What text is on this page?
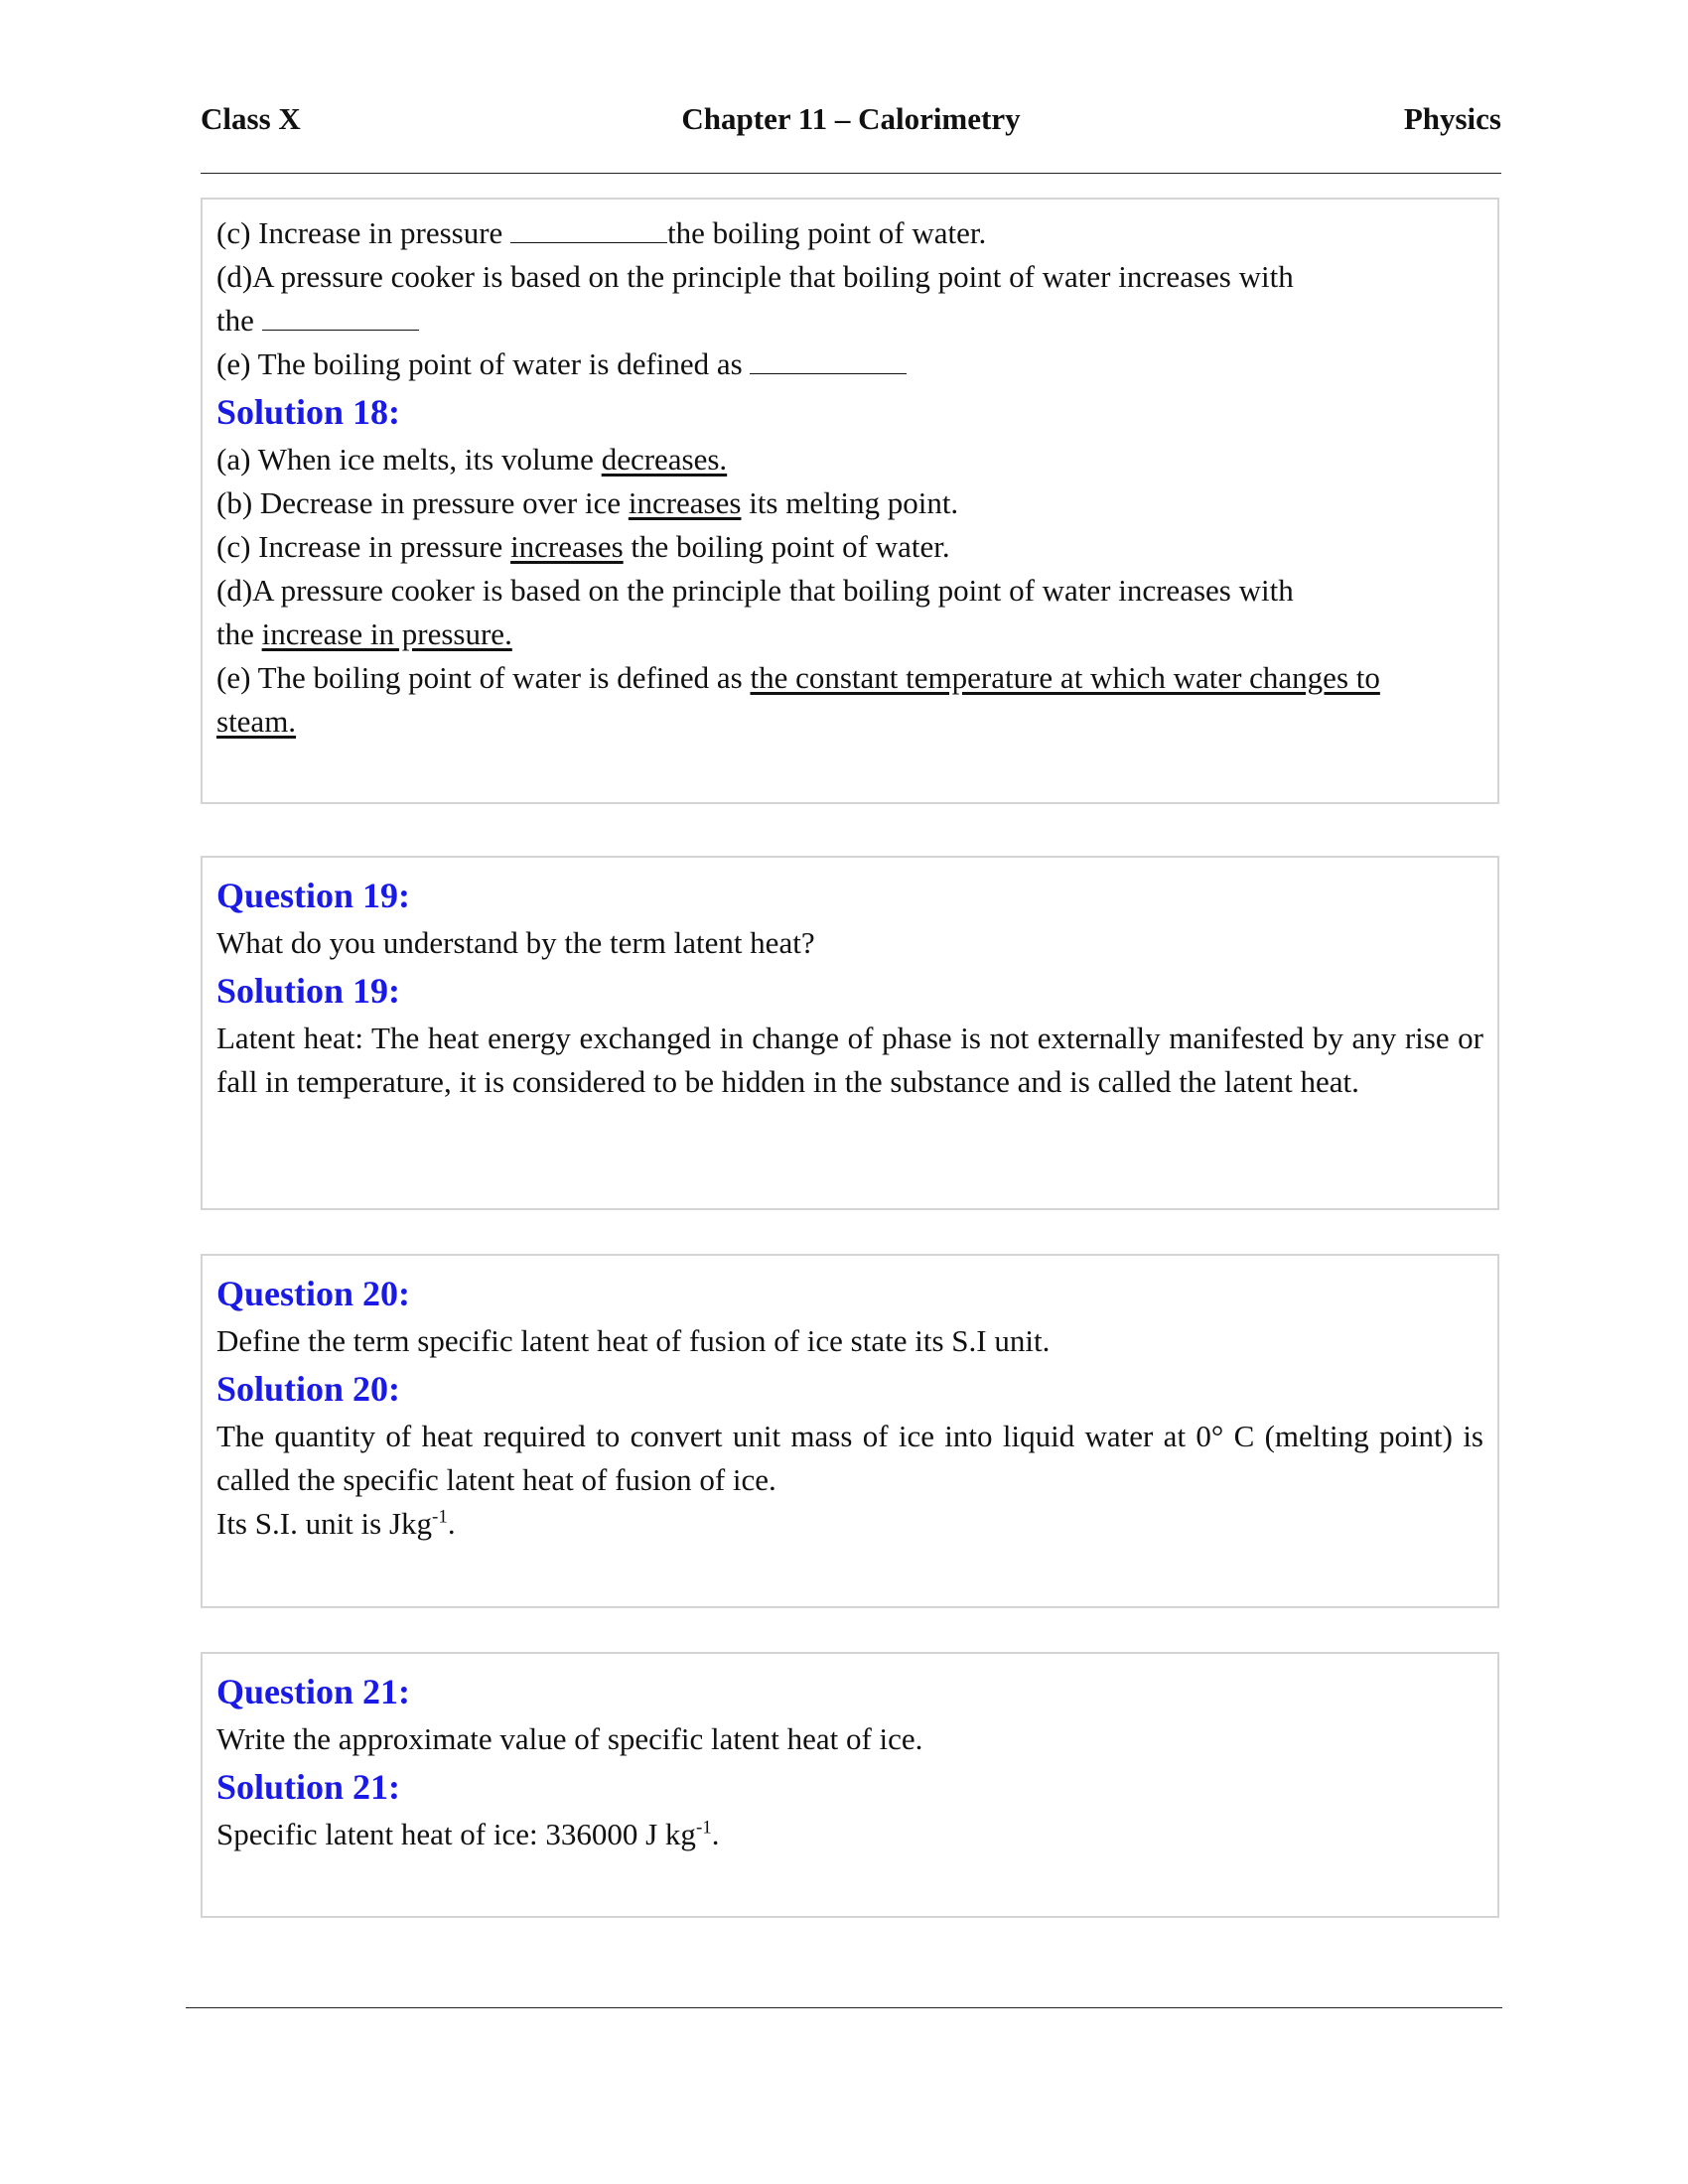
Class X	Chapter 11 – Calorimetry	Physics
(c) Increase in pressure	the boiling point of water.
(d)A pressure cooker is based on the principle that boiling point of water increases with
the
(e) The boiling point of water is defined as
Solution 18:
(a) When ice melts, its volume decreases.
(b) Decrease in pressure over ice increases its melting point.
(c) Increase in pressure increases the boiling point of water.
(d)A pressure cooker is based on the principle that boiling point of water increases with
the increase in pressure.
(e) The boiling point of water is defined as the constant temperature at which water changes to
steam.
Question 19:
What do you understand by the term latent heat?
Solution 19:
Latent heat: The heat energy exchanged in change of phase is not externally manifested by any rise or fall in temperature, it is considered to be hidden in the substance and is called the latent heat.
Question 20:
Define the term specific latent heat of fusion of ice state its S.I unit.
Solution 20:
The quantity of heat required to convert unit mass of ice into liquid water at 0° C (melting point) is called the specific latent heat of fusion of ice.
Its S.I. unit is Jkg$^{-1}$.
Question 21:
Write the approximate value of specific latent heat of ice.
Solution 21:
Specific latent heat of ice: 336000 J $kg^{-1}$.
